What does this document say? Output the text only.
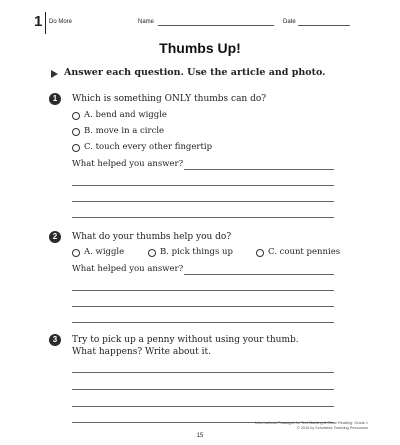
1 Do More	Name	Date
Thumbs Up!
Answer each question. Use the article and photo.
1	Which is something ONLY thumbs can do?
A. bend and wiggle
B. move in a circle
C. touch every other fingertip
What helped you answer?
2	What do your thumbs help you do?
A. wiggle	B. pick things up	C. count pennies
What helped you answer?
3	Try to pick up a penny without using your thumb.
What happens? Write about it.
Informational Passages for Text Marking & Close Reading: Grade 1
© 2015 by Scholastic Teaching Resources
15
